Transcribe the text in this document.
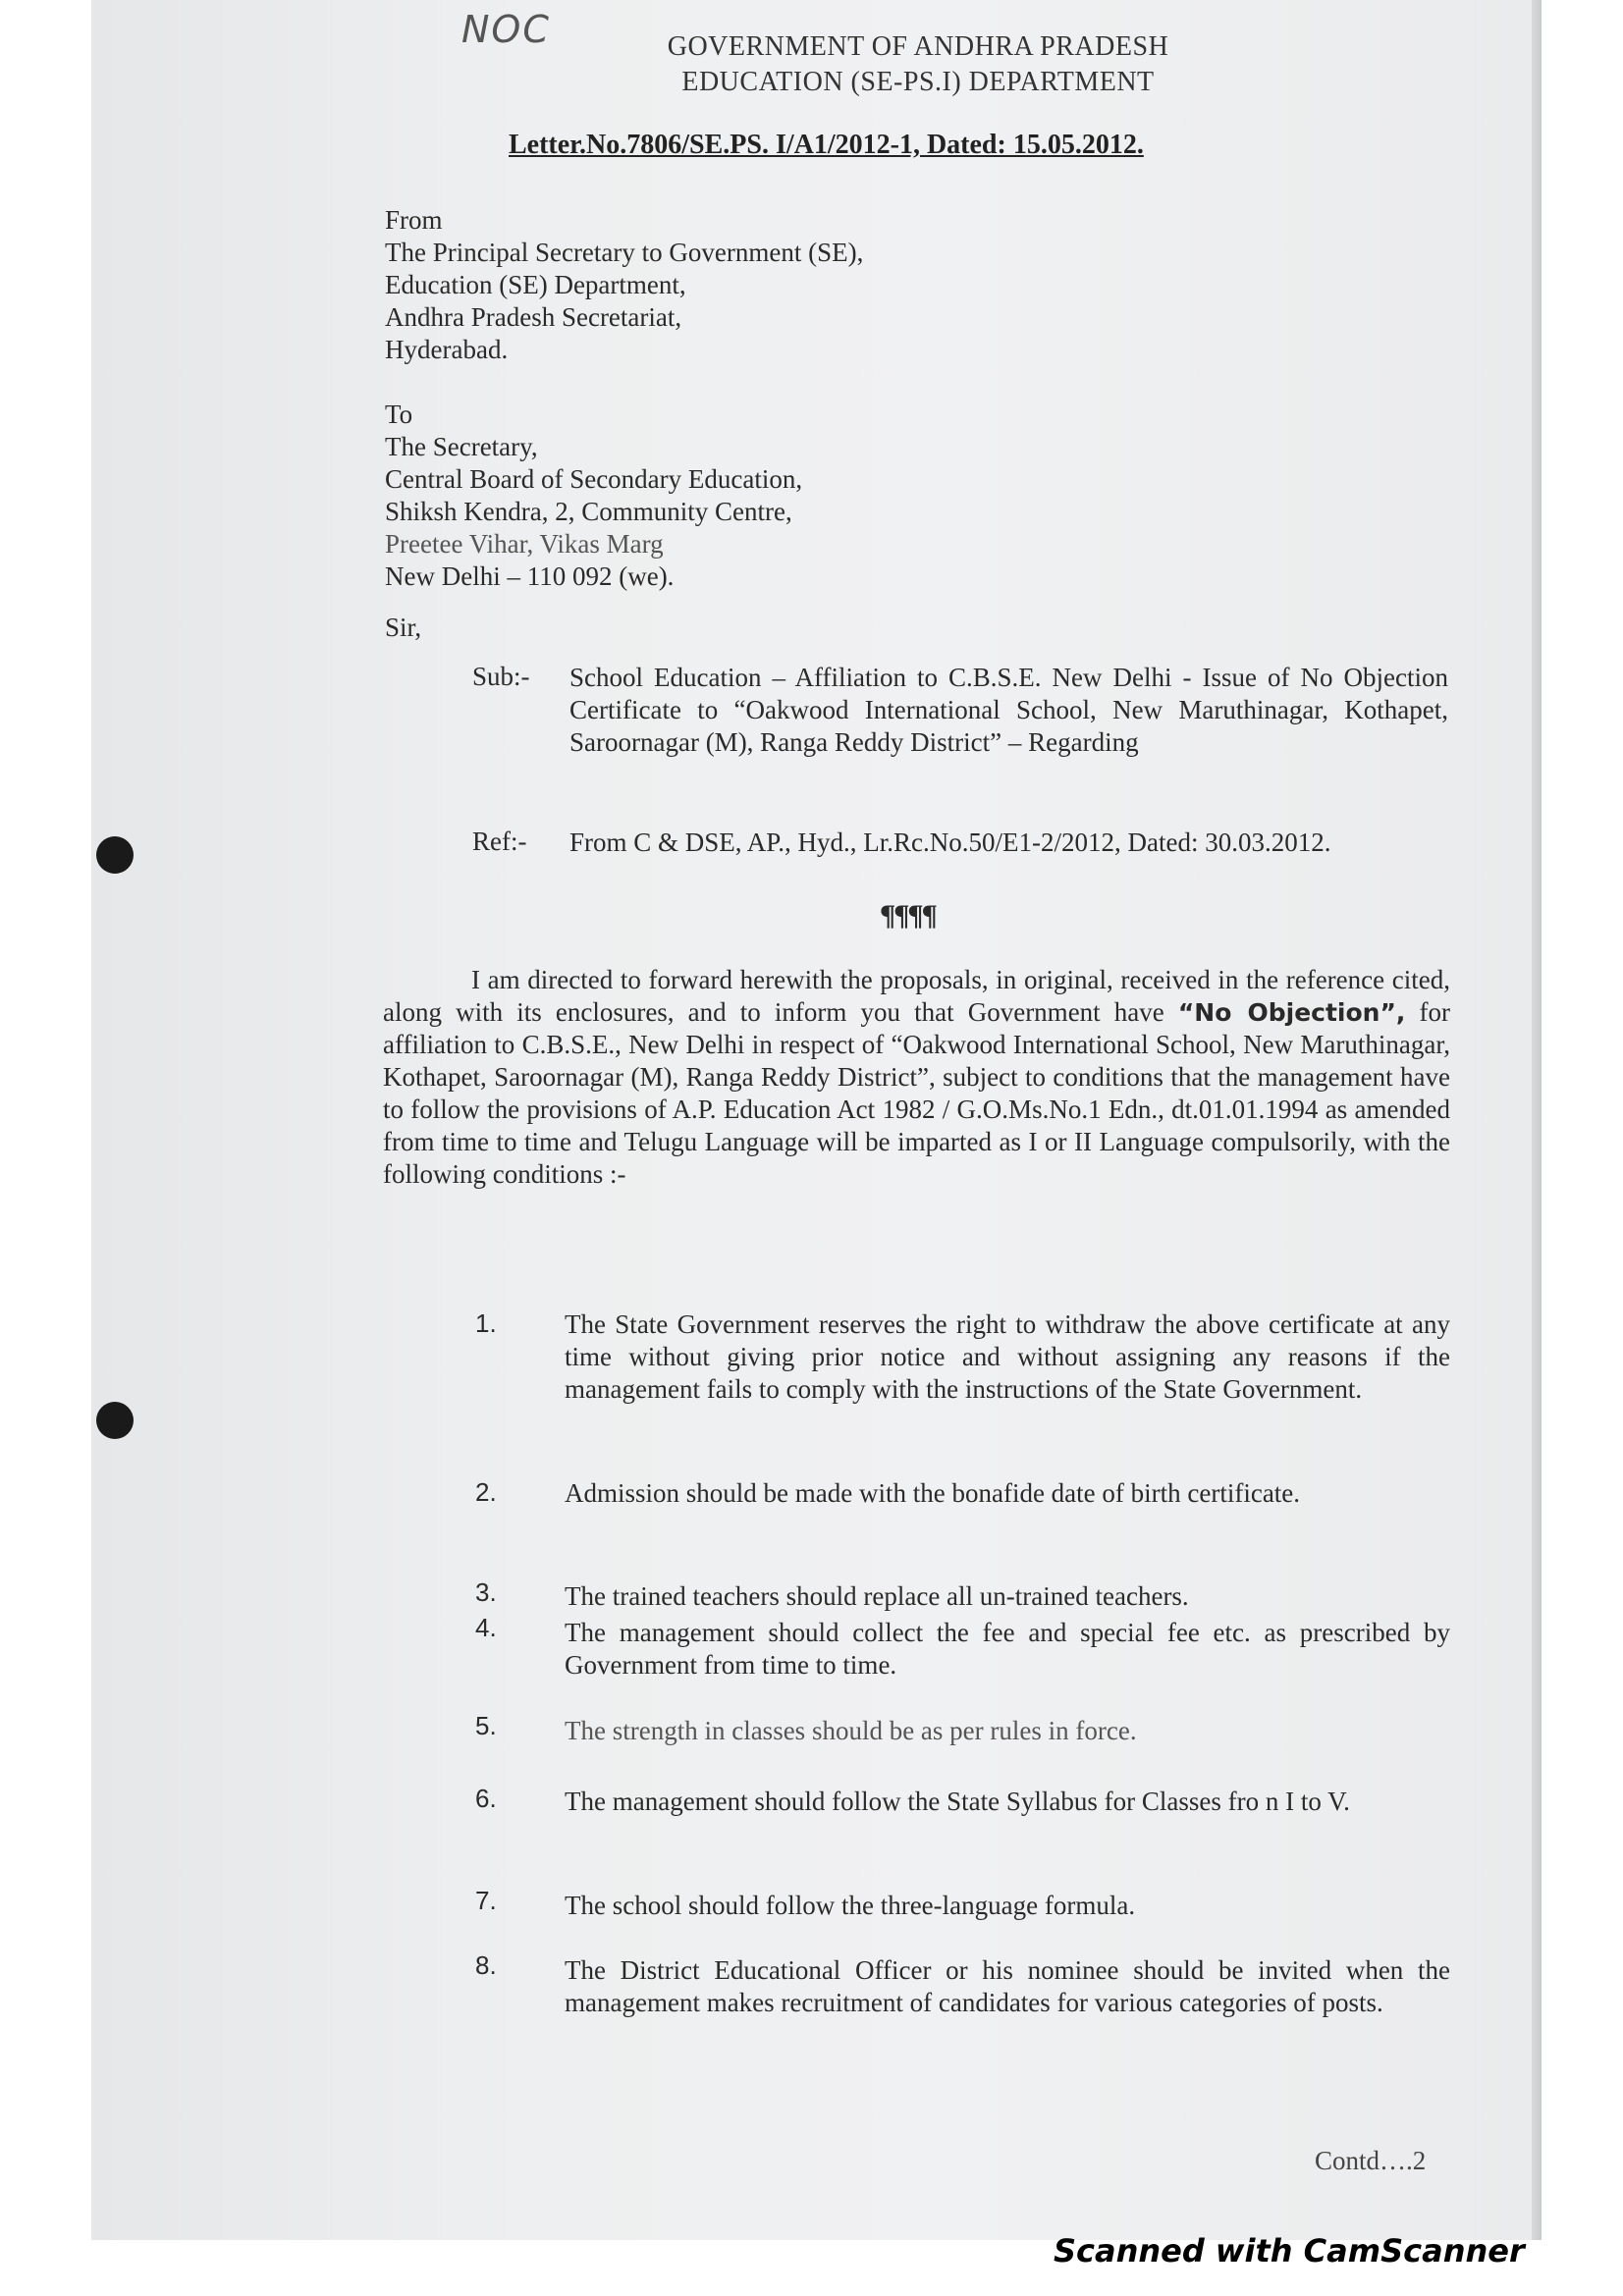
NOC	GOVERNMENT OF ANDHRA PRADESH
EDUCATION (SE-PS.I) DEPARTMENT
Letter.No.7806/SE.PS. I/A1/2012-1, Dated: 15.05.2012.
From
The Principal Secretary to Government (SE),
Education (SE) Department,
Andhra Pradesh Secretariat,
Hyderabad.
To
The Secretary,
Central Board of Secondary Education,
Shiksh Kendra, 2, Community Centre,
Preetee Vihar, Vikas Marg
New Delhi – 110 092 (we).
Sir,
Sub:- School Education – Affiliation to C.B.S.E. New Delhi - Issue of No Objection Certificate to “Oakwood International School, New Maruthinagar, Kothapet, Saroornagar (M), Ranga Reddy District” – Regarding
Ref:- From C & DSE, AP., Hyd., Lr.Rc.No.50/E1-2/2012, Dated: 30.03.2012.
¶¶¶¶
I am directed to forward herewith the proposals, in original, received in the reference cited, along with its enclosures, and to inform you that Government have “No Objection”, for affiliation to C.B.S.E., New Delhi in respect of “Oakwood International School, New Maruthinagar, Kothapet, Saroornagar (M), Ranga Reddy District”, subject to conditions that the management have to follow the provisions of A.P. Education Act 1982 / G.O.Ms.No.1 Edn., dt.01.01.1994 as amended from time to time and Telugu Language will be imparted as I or II Language compulsorily, with the following conditions :-
1.	The State Government reserves the right to withdraw the above certificate at any time without giving prior notice and without assigning any reasons if the management fails to comply with the instructions of the State Government.
2.	Admission should be made with the bonafide date of birth certificate.
3.	The trained teachers should replace all un-trained teachers.
4.	The management should collect the fee and special fee etc. as prescribed by Government from time to time.
5.	The strength in classes should be as per rules in force.
6.	The management should follow the State Syllabus for Classes fro n I to V.
7.	The school should follow the three-language formula.
8.	The District Educational Officer or his nominee should be invited when the management makes recruitment of candidates for various categories of posts.
Contd….2
Scanned with CamScanner
